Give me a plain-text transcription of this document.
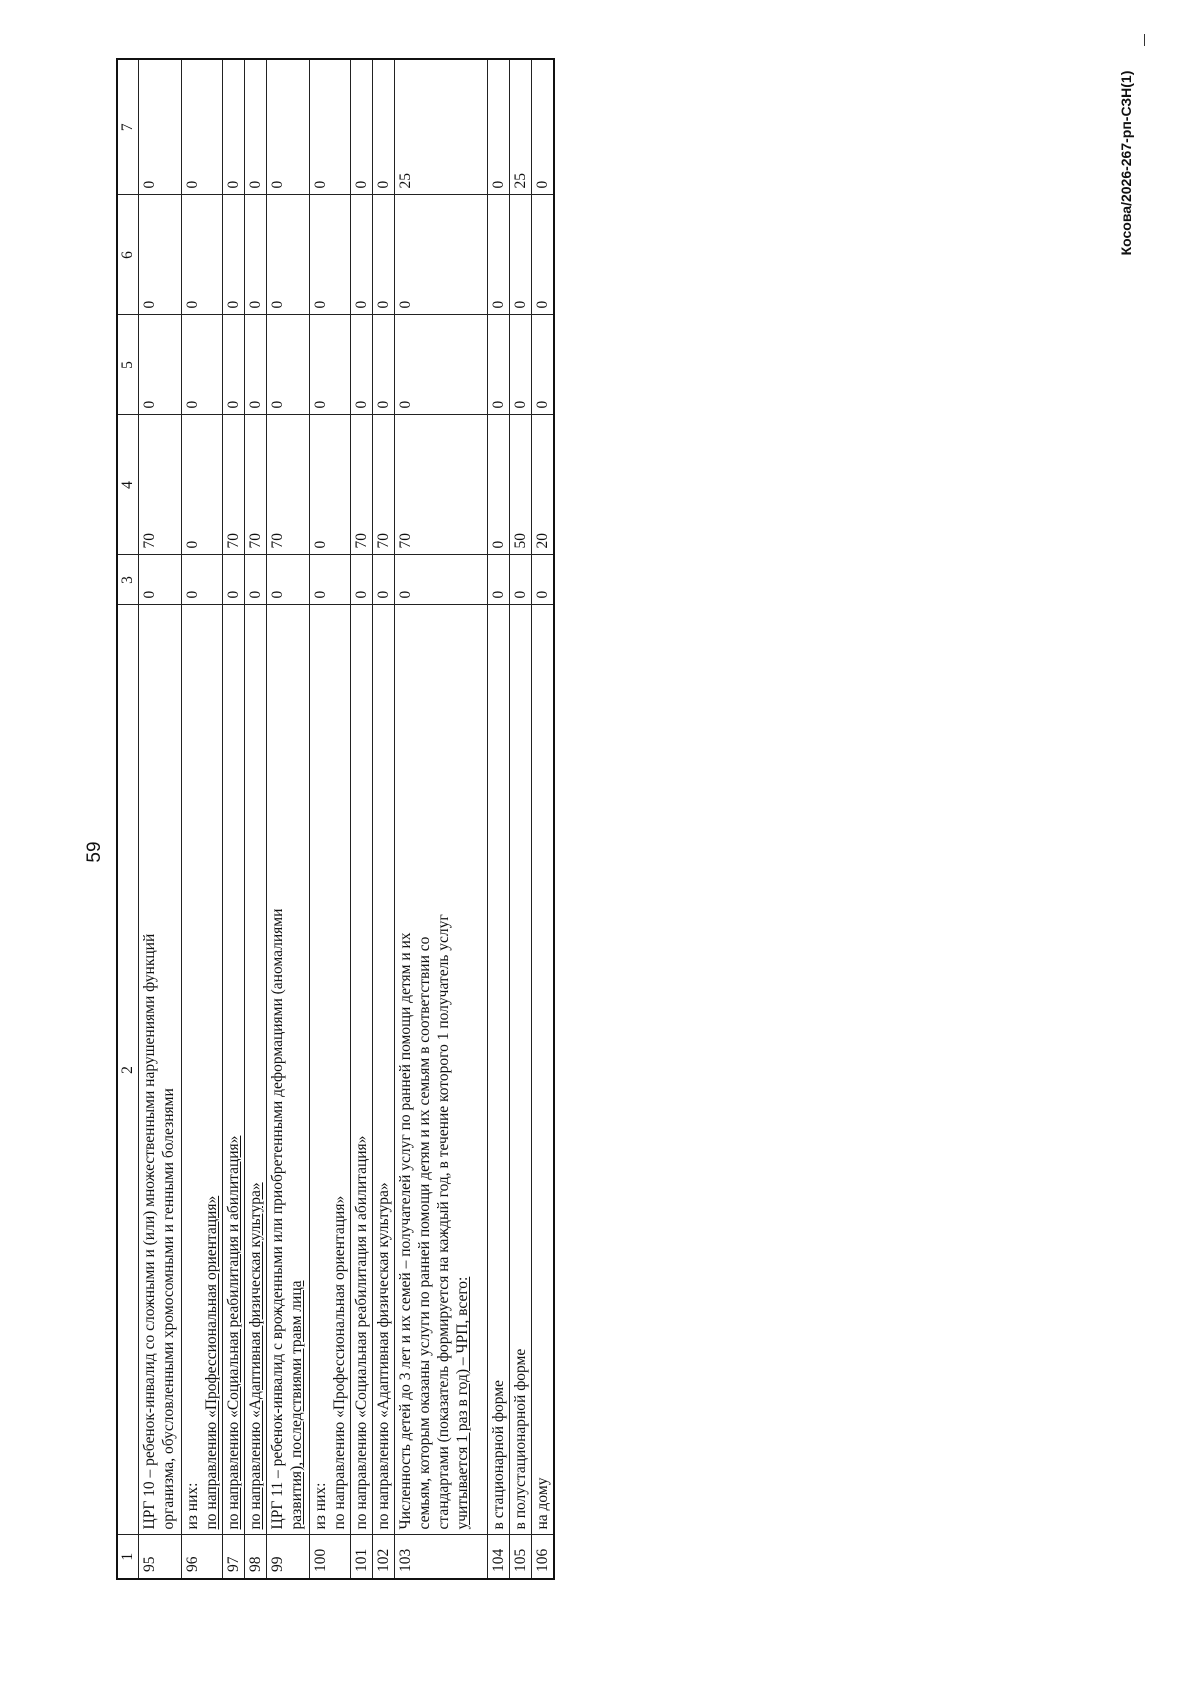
59
1	2	3	4	5	6	7
95	ЦРГ 10 – ребенок-инвалид со сложными и (или) множественными нарушениями функций организма, обусловленными хромосомными и генными болезнями	0	70	0	0	0
96	из них: по направлению «Профессиональная ориентация»	0	0	0	0	0
97	по направлению «Социальная реабилитация и абилитация»	0	70	0	0	0
98	по направлению «Адаптивная физическая культура»	0	70	0	0	0
99	ЦРГ 11 – ребенок-инвалид с врожденными или приобретенными деформациями (аномалиями развития), последствиями травм лица	0	70	0	0	0
100	из них: по направлению «Профессиональная ориентация»	0	0	0	0	0
101	по направлению «Социальная реабилитация и абилитация»	0	70	0	0	0
102	по направлению «Адаптивная физическая культура»	0	70	0	0	0
103	Численность детей до 3 лет и их семей – получателей услуг по ранней помощи детям и их семьям, которым оказаны услуги по ранней помощи детям и их семьям в соответствии со стандартами (показатель формируется на каждый год, в течение которого 1 получатель услуг учитывается 1 раз в год) – ЧРП, всего:	0	70	0	0	25
104	в стационарной форме	0	0	0	0	0
105	в полустационарной форме	0	50	0	0	25
106	на дому	0	20	0	0	0	Косова/2026-267-рп-СЗН(1)
